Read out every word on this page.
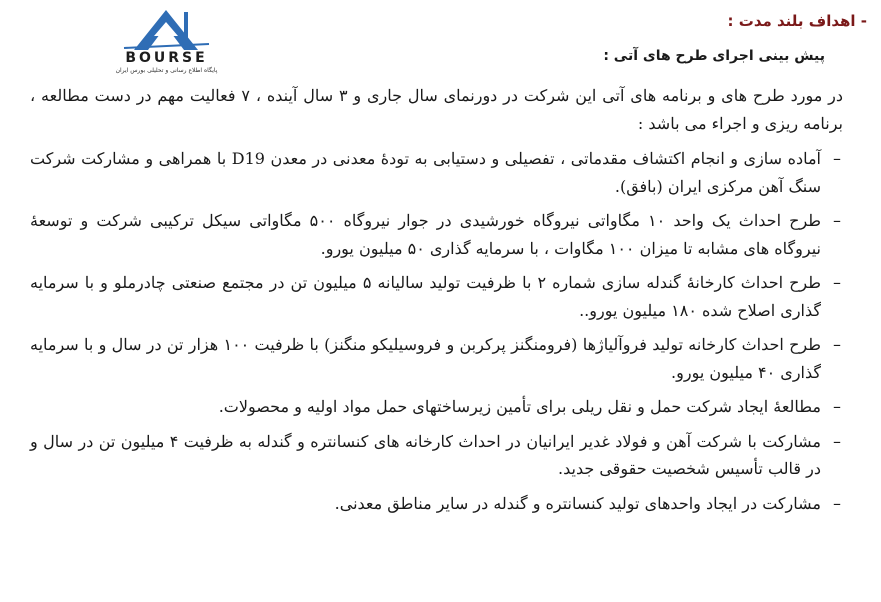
BOURSE
پایگاه اطلاع رسانی و تحلیلی بورس ایران
- اهداف بلند مدت :
پیش بینی اجرای طرح های آتی :

در مورد طرح های و برنامه های آتی این شرکت در دورنمای سال جاری و ۳ سال آینده ، ۷ فعالیت مهم در دست مطالعه ، برنامه ریزی و اجراء می باشد :

–
آماده سازی و انجام اکتشاف مقدماتی ، تفصیلی و دستیابی به تودهٔ معدنی در معدن D19 با همراهی و مشارکت شرکت سنگ آهن مرکزی ایران (بافق).
–
طرح احداث یک واحد ۱۰ مگاواتی نیروگاه خورشیدی در جوار نیروگاه ۵۰۰ مگاواتی سیکل ترکیبی شرکت و توسعهٔ نیروگاه های مشابه تا میزان ۱۰۰ مگاوات ، با سرمایه گذاری ۵۰ میلیون یورو.
–
طرح احداث کارخانهٔ گندله سازی شماره ۲ با ظرفیت تولید سالیانه ۵ میلیون تن در مجتمع صنعتی چادرملو و با سرمایه گذاری اصلاح شده ۱۸۰ میلیون یورو..
–
طرح احداث کارخانه تولید فروآلیاژها (فرومنگنز پرکربن و فروسیلیکو منگنز) با ظرفیت ۱۰۰ هزار تن در سال و با سرمایه گذاری ۴۰ میلیون یورو.
–
مطالعهٔ ایجاد شرکت حمل و نقل ریلی برای تأمین زیرساختهای حمل مواد اولیه و محصولات.
–
مشارکت با شرکت آهن و فولاد غدیر ایرانیان در احداث کارخانه های کنسانتره و گندله به ظرفیت ۴ میلیون تن در سال و در قالب تأسیس شخصیت حقوقی جدید.
–
مشارکت در ایجاد واحدهای تولید کنسانتره و گندله در سایر مناطق معدنی.
